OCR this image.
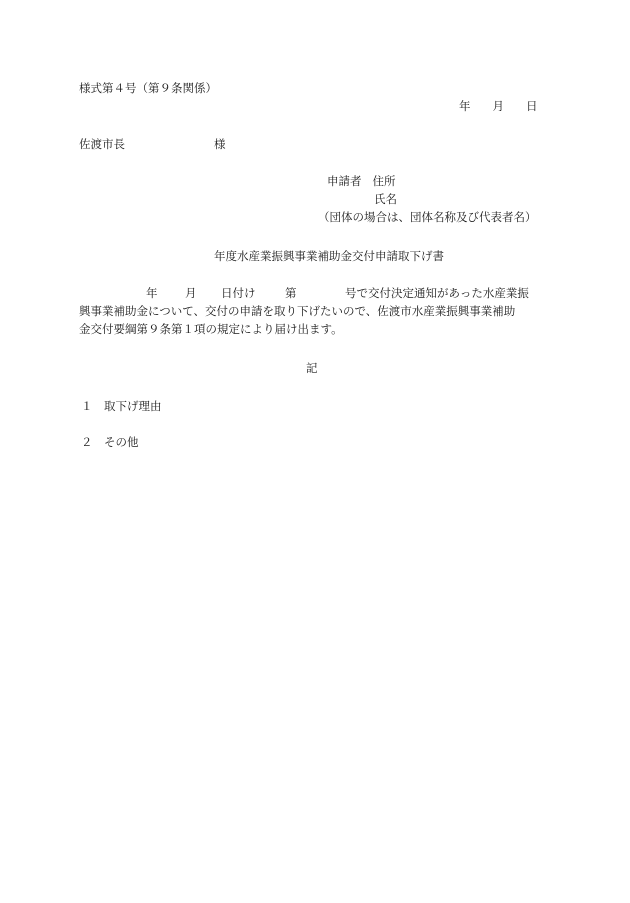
様式第４号（第９条関係）
年 月 日
佐渡市長	様
申請者 住所
氏名
（団体の場合は、団体名称及び代表者名）
年度水産業振興事業補助金交付申請取下げ書
年 月 日付け	第	号で交付決定通知があった水産業振
興事業補助金について、交付の申請を取り下げたいので、佐渡市水産業振興事業補助
金交付要綱第９条第１項の規定により届け出ます。
記
１ 取下げ理由
２ その他
